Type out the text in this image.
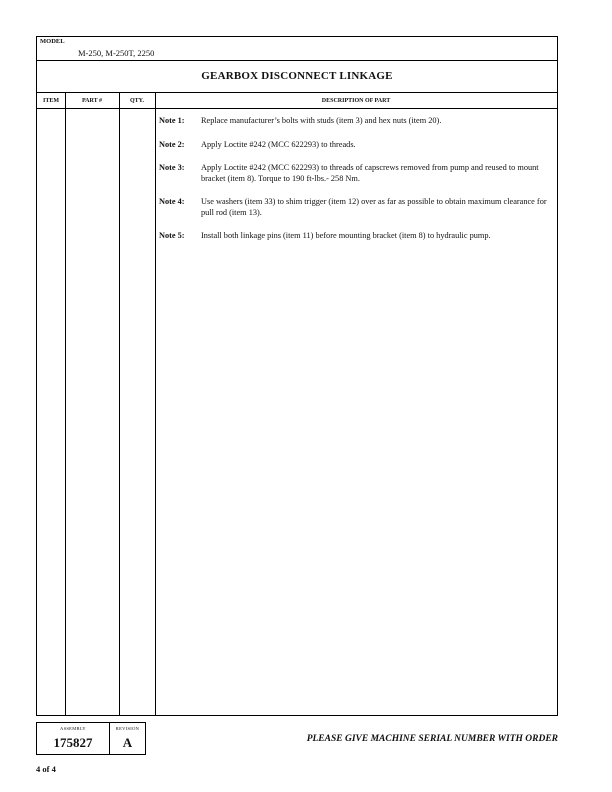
MODEL
M-250, M-250T, 2250
GEARBOX DISCONNECT LINKAGE
ITEM	PART #	QTY.	DESCRIPTION OF PART
Note 1: Replace manufacturer’s bolts with studs (item 3) and hex nuts (item 20).
Note 2: Apply Loctite #242 (MCC 622293) to threads.
Note 3: Apply Loctite #242 (MCC 622293) to threads of capscrews removed from pump and reused to mount bracket (item 8). Torque to 190 ft-lbs.- 258 Nm.
Note 4: Use washers (item 33) to shim trigger (item 12) over as far as possible to obtain maximum clearance for pull rod (item 13).
Note 5: Install both linkage pins (item 11) before mounting bracket (item 8) to hydraulic pump.
ASSEMBLY
175827
REVISION
A	PLEASE GIVE MACHINE SERIAL NUMBER WITH ORDER
4 of 4
